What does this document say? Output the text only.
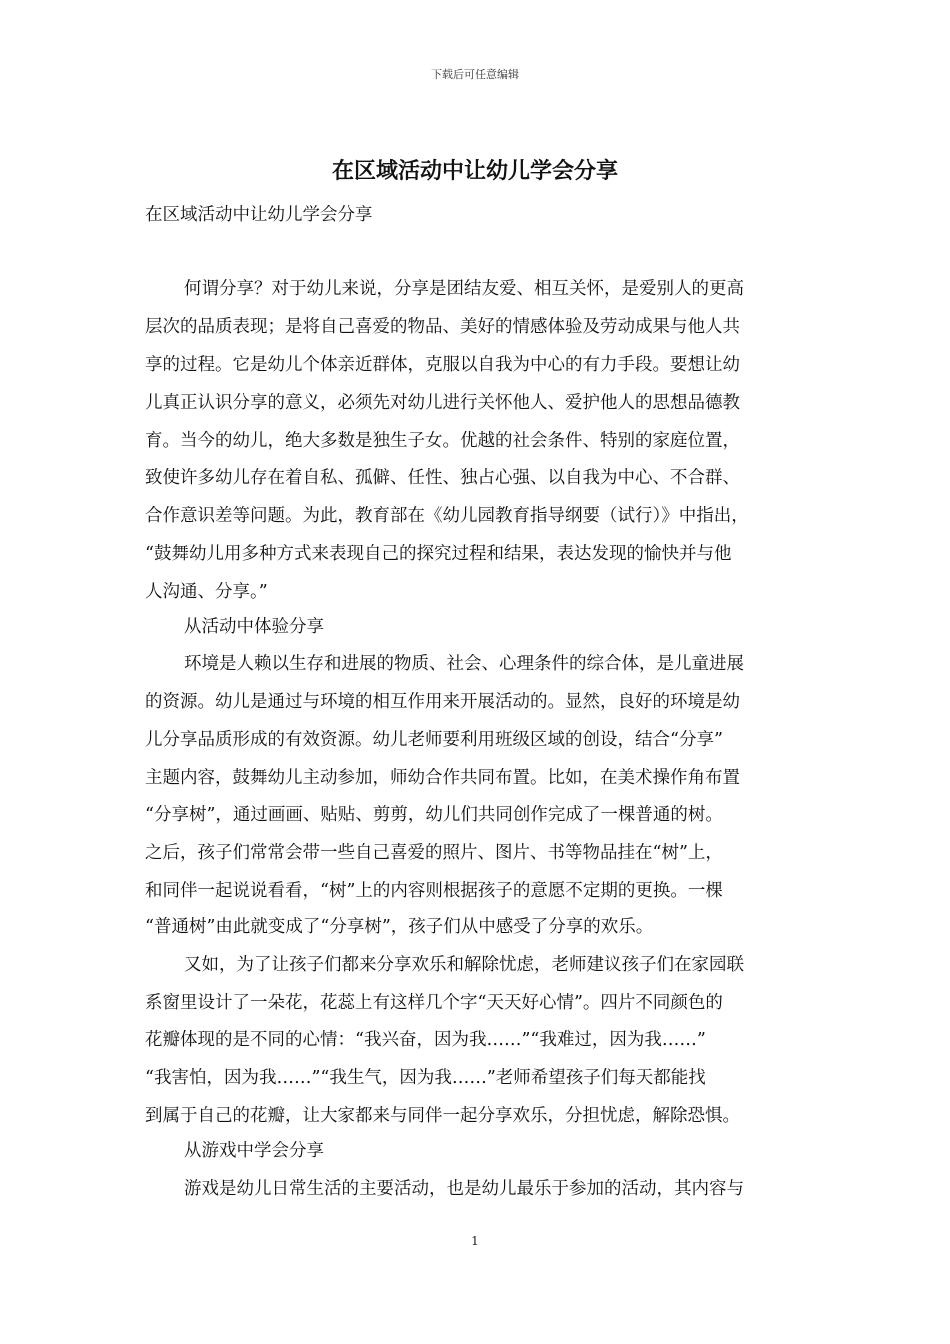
下载后可任意编辑
在区域活动中让幼儿学会分享
在区域活动中让幼儿学会分享
何谓分享？对于幼儿来说，分享是团结友爱、相互关怀，是爱别人的更高
层次的品质表现；是将自己喜爱的物品、美好的情感体验及劳动成果与他人共
享的过程。它是幼儿个体亲近群体，克服以自我为中心的有力手段。要想让幼
儿真正认识分享的意义，必须先对幼儿进行关怀他人、爱护他人的思想品德教
育。当今的幼儿，绝大多数是独生子女。优越的社会条件、特别的家庭位置，
致使许多幼儿存在着自私、孤僻、任性、独占心强、以自我为中心、不合群、
合作意识差等问题。为此，教育部在《幼儿园教育指导纲要（试行）》中指出，
“鼓舞幼儿用多种方式来表现自己的探究过程和结果，表达发现的愉快并与他
人沟通、分享。”
从活动中体验分享
环境是人赖以生存和进展的物质、社会、心理条件的综合体，是儿童进展
的资源。幼儿是通过与环境的相互作用来开展活动的。显然，良好的环境是幼
儿分享品质形成的有效资源。幼儿老师要利用班级区域的创设，结合“分享”
主题内容，鼓舞幼儿主动参加，师幼合作共同布置。比如，在美术操作角布置
“分享树”，通过画画、贴贴、剪剪，幼儿们共同创作完成了一棵普通的树。
之后，孩子们常常会带一些自己喜爱的照片、图片、书等物品挂在“树”上，
和同伴一起说说看看，“树”上的内容则根据孩子的意愿不定期的更换。一棵
“普通树”由此就变成了“分享树”，孩子们从中感受了分享的欢乐。
又如，为了让孩子们都来分享欢乐和解除忧虑，老师建议孩子们在家园联
系窗里设计了一朵花，花蕊上有这样几个字“天天好心情”。四片不同颜色的
花瓣体现的是不同的心情：“我兴奋，因为我……”“我难过，因为我……”
“我害怕，因为我……”“我生气，因为我……”老师希望孩子们每天都能找
到属于自己的花瓣，让大家都来与同伴一起分享欢乐，分担忧虑，解除恐惧。
从游戏中学会分享
游戏是幼儿日常生活的主要活动，也是幼儿最乐于参加的活动，其内容与
1
